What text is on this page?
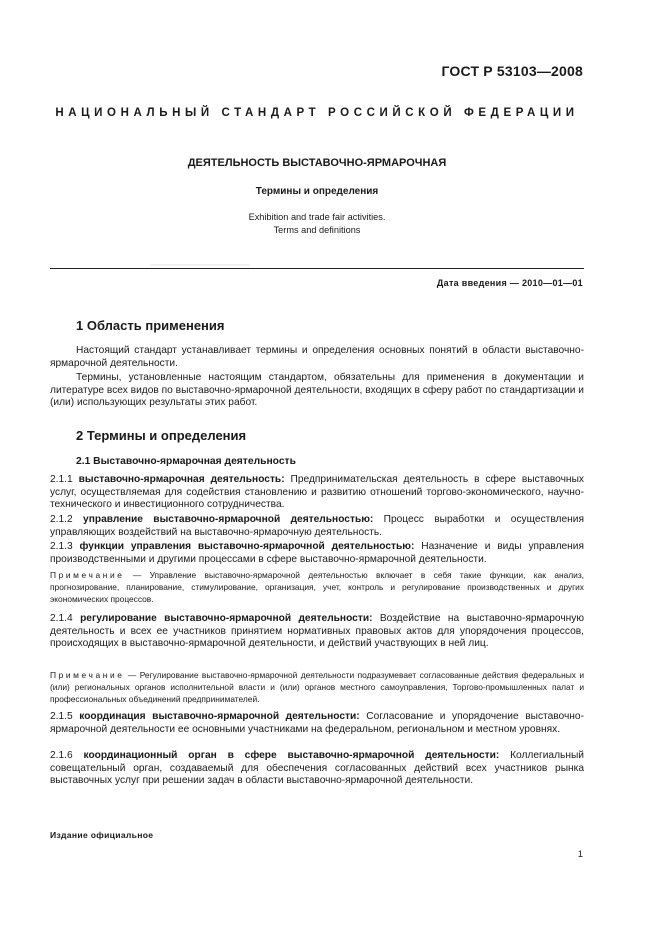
ГОСТ Р 53103—2008
НАЦИОНАЛЬНЫЙ СТАНДАРТ РОССИЙСКОЙ ФЕДЕРАЦИИ
ДЕЯТЕЛЬНОСТЬ ВЫСТАВОЧНО-ЯРМАРОЧНАЯ
Термины и определения
Exhibition and trade fair activities.
Terms and definitions
Дата введения — 2010—01—01
1 Область применения
Настоящий стандарт устанавливает термины и определения основных понятий в области выставочно-ярмарочной деятельности.
Термины, установленные настоящим стандартом, обязательны для применения в документации и литературе всех видов по выставочно-ярмарочной деятельности, входящих в сферу работ по стандартизации и (или) использующих результаты этих работ.
2 Термины и определения
2.1 Выставочно-ярмарочная деятельность
2.1.1 выставочно-ярмарочная деятельность: Предпринимательская деятельность в сфере выставочных услуг, осуществляемая для содействия становлению и развитию отношений торгово-экономического, научно-технического и инвестиционного сотрудничества.
2.1.2 управление выставочно-ярмарочной деятельностью: Процесс выработки и осуществления управляющих воздействий на выставочно-ярмарочную деятельность.
2.1.3 функции управления выставочно-ярмарочной деятельностью: Назначение и виды управления производственными и другими процессами в сфере выставочно-ярмарочной деятельности.
Примечание — Управление выставочно-ярмарочной деятельностью включает в себя такие функции, как анализ, прогнозирование, планирование, стимулирование, организация, учет, контроль и регулирование производственных и других экономических процессов.
2.1.4 регулирование выставочно-ярмарочной деятельности: Воздействие на выставочно-ярмарочную деятельность и всех ее участников принятием нормативных правовых актов для упорядочения процессов, происходящих в выставочно-ярмарочной деятельности, и действий участвующих в ней лиц.
Примечание — Регулирование выставочно-ярмарочной деятельности подразумевает согласованные действия федеральных и (или) региональных органов исполнительной власти и (или) органов местного самоуправления, Торгово-промышленных палат и профессиональных объединений предпринимателей.
2.1.5 координация выставочно-ярмарочной деятельности: Согласование и упорядочение выставочно-ярмарочной деятельности ее основными участниками на федеральном, региональном и местном уровнях.
2.1.6 координационный орган в сфере выставочно-ярмарочной деятельности: Коллегиальный совещательный орган, создаваемый для обеспечения согласованных действий всех участников рынка выставочных услуг при решении задач в области выставочно-ярмарочной деятельности.
Издание официальное
1
